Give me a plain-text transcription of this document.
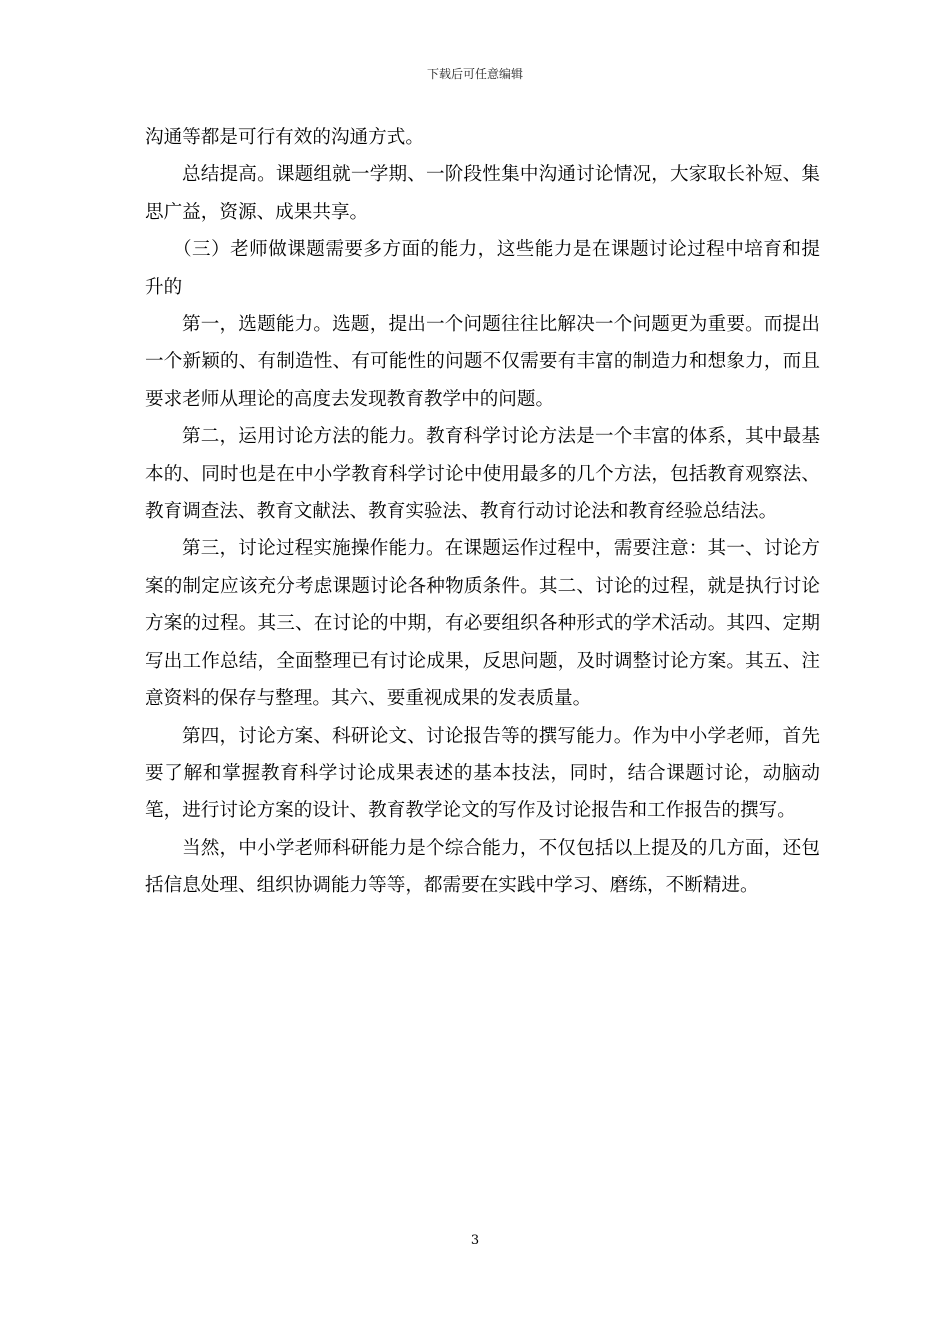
下载后可任意编辑

沟通等都是可行有效的沟通方式。

总结提高。课题组就一学期、一阶段性集中沟通讨论情况，大家取长补短、集思广益，资源、成果共享。

（三）老师做课题需要多方面的能力，这些能力是在课题讨论过程中培育和提升的

第一，选题能力。选题，提出一个问题往往比解决一个问题更为重要。而提出一个新颖的、有制造性、有可能性的问题不仅需要有丰富的制造力和想象力，而且要求老师从理论的高度去发现教育教学中的问题。

第二，运用讨论方法的能力。教育科学讨论方法是一个丰富的体系，其中最基本的、同时也是在中小学教育科学讨论中使用最多的几个方法，包括教育观察法、教育调查法、教育文献法、教育实验法、教育行动讨论法和教育经验总结法。

第三，讨论过程实施操作能力。在课题运作过程中，需要注意：其一、讨论方案的制定应该充分考虑课题讨论各种物质条件。其二、讨论的过程，就是执行讨论方案的过程。其三、在讨论的中期，有必要组织各种形式的学术活动。其四、定期写出工作总结，全面整理已有讨论成果，反思问题，及时调整讨论方案。其五、注意资料的保存与整理。其六、要重视成果的发表质量。

第四，讨论方案、科研论文、讨论报告等的撰写能力。作为中小学老师，首先要了解和掌握教育科学讨论成果表述的基本技法，同时，结合课题讨论，动脑动笔，进行讨论方案的设计、教育教学论文的写作及讨论报告和工作报告的撰写。

当然，中小学老师科研能力是个综合能力，不仅包括以上提及的几方面，还包括信息处理、组织协调能力等等，都需要在实践中学习、磨练，不断精进。

3
